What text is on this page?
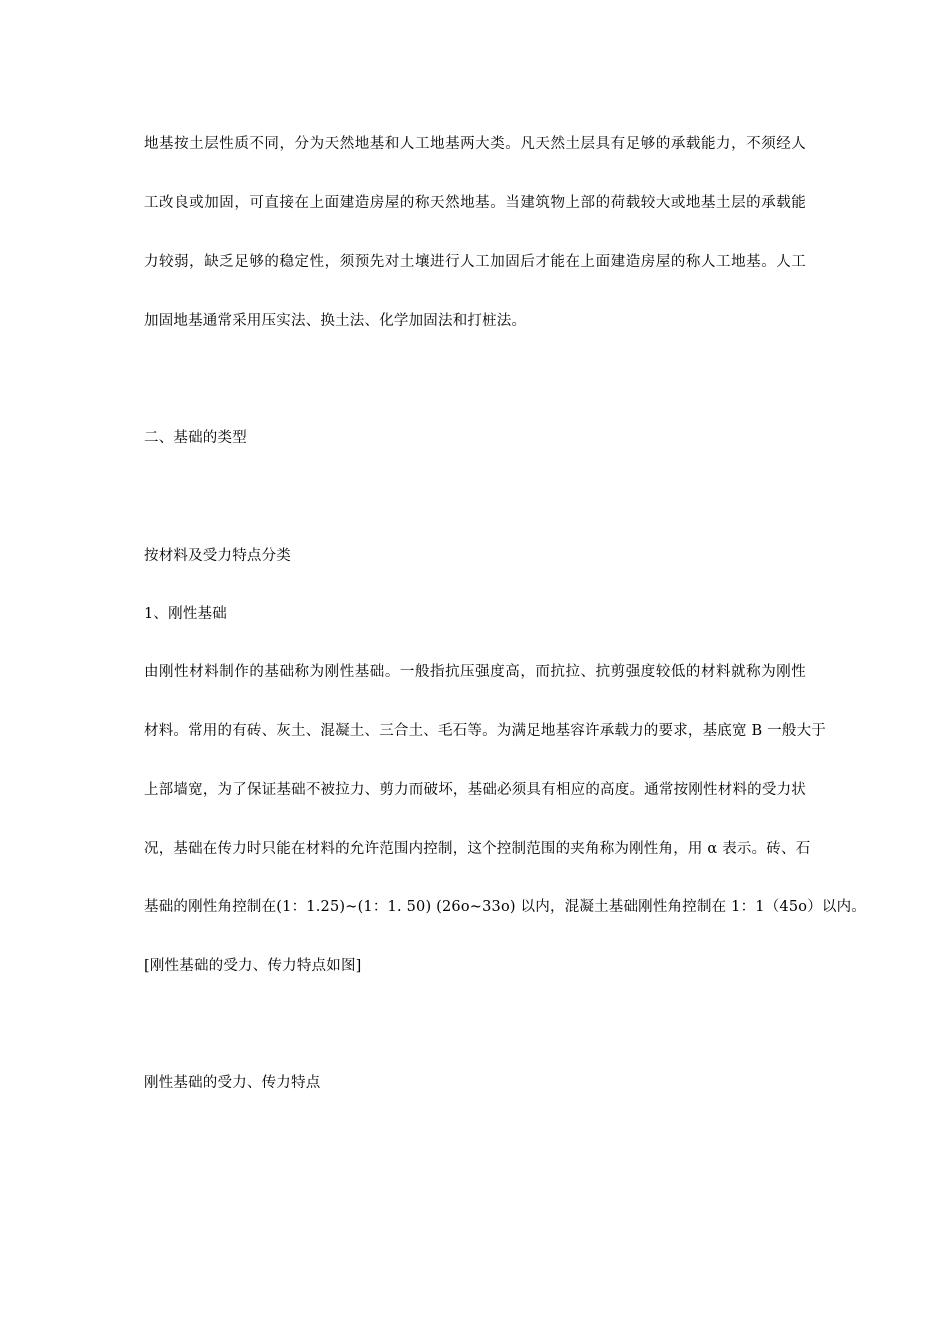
地基按土层性质不同，分为天然地基和人工地基两大类。凡天然土层具有足够的承载能力，不须经人
工改良或加固，可直接在上面建造房屋的称天然地基。当建筑物上部的荷载较大或地基土层的承载能
力较弱，缺乏足够的稳定性，须预先对土壤进行人工加固后才能在上面建造房屋的称人工地基。人工
加固地基通常采用压实法、换土法、化学加固法和打桩法。
二、基础的类型
按材料及受力特点分类
1、刚性基础
由刚性材料制作的基础称为刚性基础。一般指抗压强度高，而抗拉、抗剪强度较低的材料就称为刚性
材料。常用的有砖、灰土、混凝土、三合土、毛石等。为满足地基容许承载力的要求，基底宽 B 一般大于
上部墙宽，为了保证基础不被拉力、剪力而破坏，基础必须具有相应的高度。通常按刚性材料的受力状
况，基础在传力时只能在材料的允许范围内控制，这个控制范围的夹角称为刚性角，用 α 表示。砖、石
基础的刚性角控制在(1：1.25)~(1：1. 50) (26o~33o) 以内，混凝土基础刚性角控制在 1：1（45o）以内。
[刚性基础的受力、传力特点如图]
刚性基础的受力、传力特点
